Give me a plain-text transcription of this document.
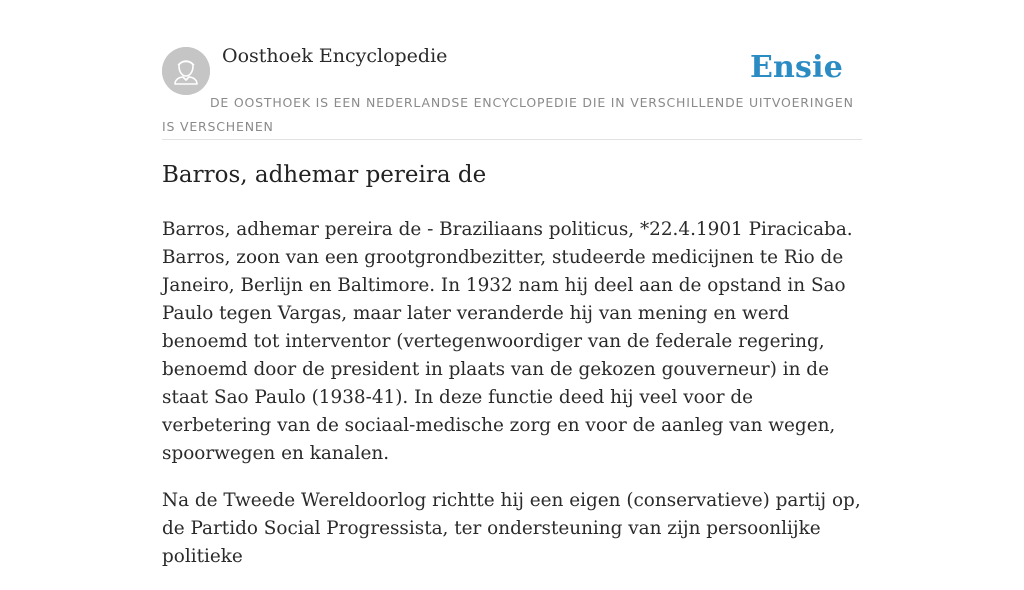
Oosthoek Encyclopedie	Ensie
DE OOSTHOEK IS EEN NEDERLANDSE ENCYCLOPEDIE DIE IN VERSCHILLENDE UITVOERINGEN IS VERSCHENEN
Barros, adhemar pereira de

Barros, adhemar pereira de - Braziliaans politicus, *22.4.1901 Piracicaba. Barros, zoon van een grootgrondbezitter, studeerde medicijnen te Rio de Janeiro, Berlijn en Baltimore. In 1932 nam hij deel aan de opstand in Sao Paulo tegen Vargas, maar later veranderde hij van mening en werd benoemd tot interventor (vertegenwoordiger van de federale regering, benoemd door de president in plaats van de gekozen gouverneur) in de staat Sao Paulo (1938-41). In deze functie deed hij veel voor de verbetering van de sociaal-medische zorg en voor de aanleg van wegen, spoorwegen en kanalen.

Na de Tweede Wereldoorlog richtte hij een eigen (conservatieve) partij op, de Partido Social Progressista, ter ondersteuning van zijn persoonlijke politieke
